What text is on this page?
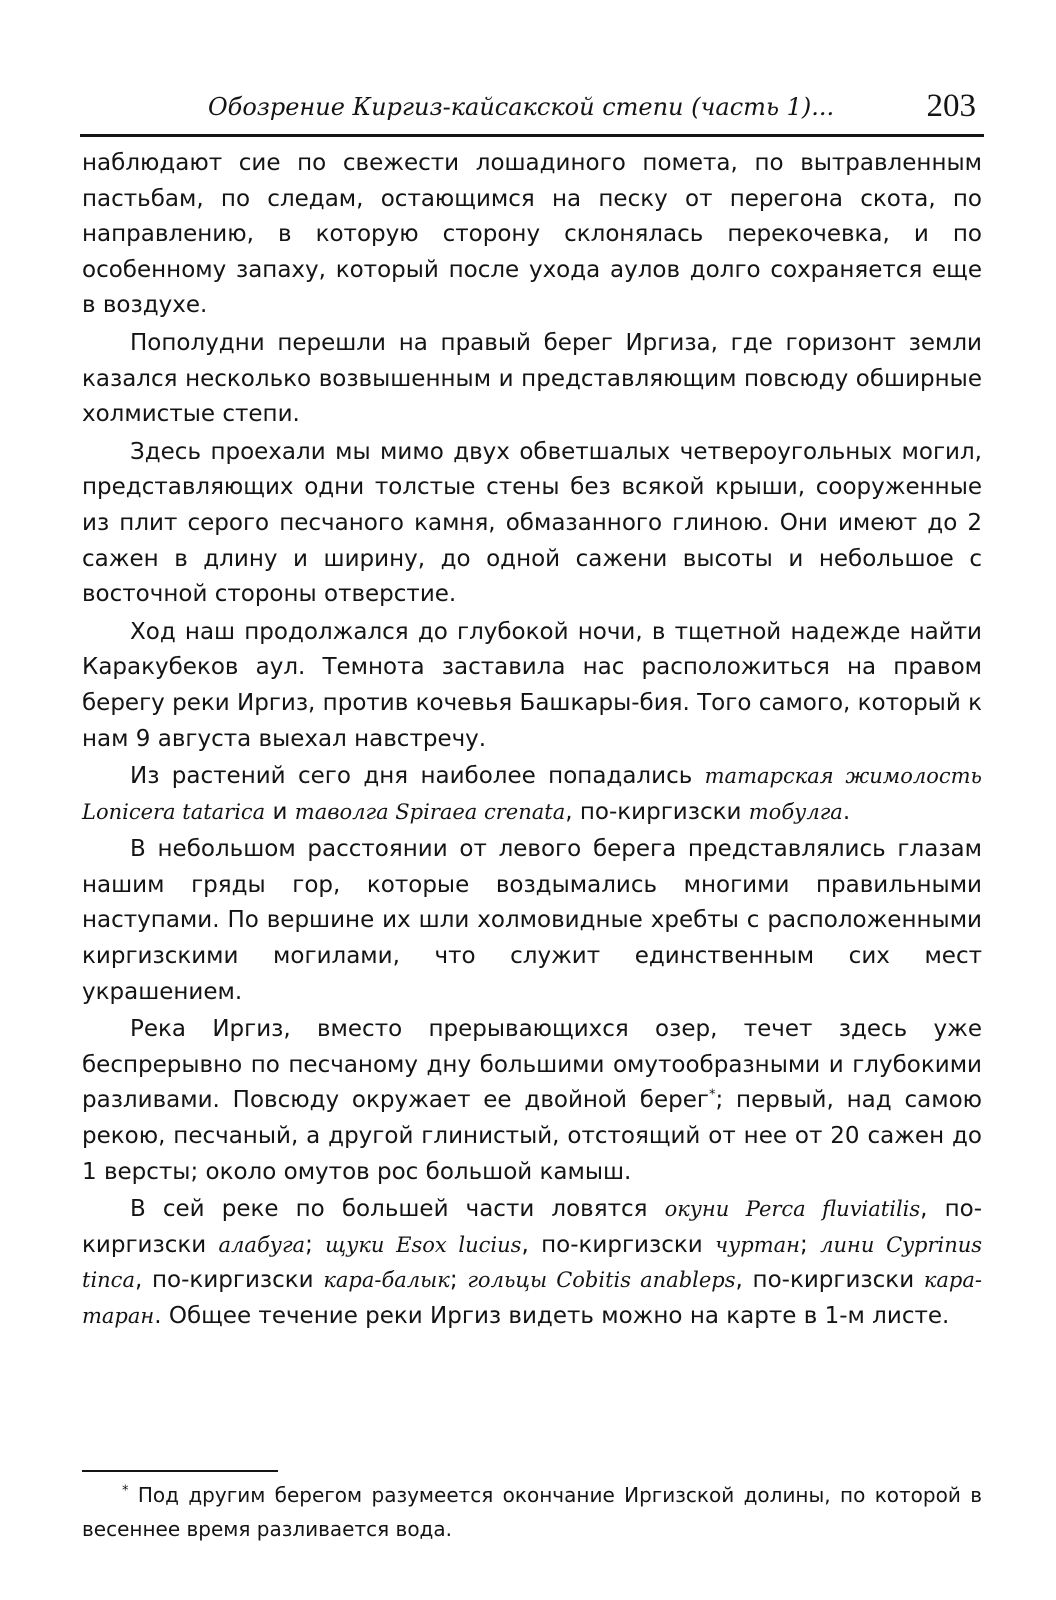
Обозрение Киргиз-кайсакской степи (часть 1)...	203

наблюдают сие по свежести лошадиного помета, по вытравленным пастьбам, по следам, остающимся на песку от перегона скота, по направлению, в которую сторону склонялась перекочевка, и по особенному запаху, который после ухода аулов долго сохраняется еще в воздухе.

Пополудни перешли на правый берег Иргиза, где горизонт земли казался несколько возвышенным и представляющим повсюду обширные холмистые степи.

Здесь проехали мы мимо двух обветшалых четвероугольных могил, представляющих одни толстые стены без всякой крыши, сооруженные из плит серого песчаного камня, обмазанного глиною. Они имеют до 2 сажен в длину и ширину, до одной сажени высоты и небольшое с восточной стороны отверстие.

Ход наш продолжался до глубокой ночи, в тщетной надежде найти Каракубеков аул. Темнота заставила нас расположиться на правом берегу реки Иргиз, против кочевья Башкары-бия. Того самого, который к нам 9 августа выехал навстречу.

Из растений сего дня наиболее попадались татарская жимолость Lonicera tatarica и таволга Spiraea crenata, по-киргизски тобулга.

В небольшом расстоянии от левого берега представлялись глазам нашим гряды гор, которые воздымались многими правильными наступами. По вершине их шли холмовидные хребты с расположенными киргизскими могилами, что служит единственным сих мест украшением.

Река Иргиз, вместо прерывающихся озер, течет здесь уже беспрерывно по песчаному дну большими омутообразными и глубокими разливами. Повсюду окружает ее двойной берег*; первый, над самою рекою, песчаный, а другой глинистый, отстоящий от нее от 20 сажен до 1 версты; около омутов рос большой камыш.

В сей реке по большей части ловятся окуни Perca fluviatilis, по-киргизски алабуга; щуки Esox lucius, по-киргизски чуртан; лини Cyprinus tinca, по-киргизски кара-балык; гольцы Cobitis anableps, по-киргизски кара-таран. Общее течение реки Иргиз видеть можно на карте в 1-м листе.

* Под другим берегом разумеется окончание Иргизской долины, по которой в весеннее время разливается вода.
